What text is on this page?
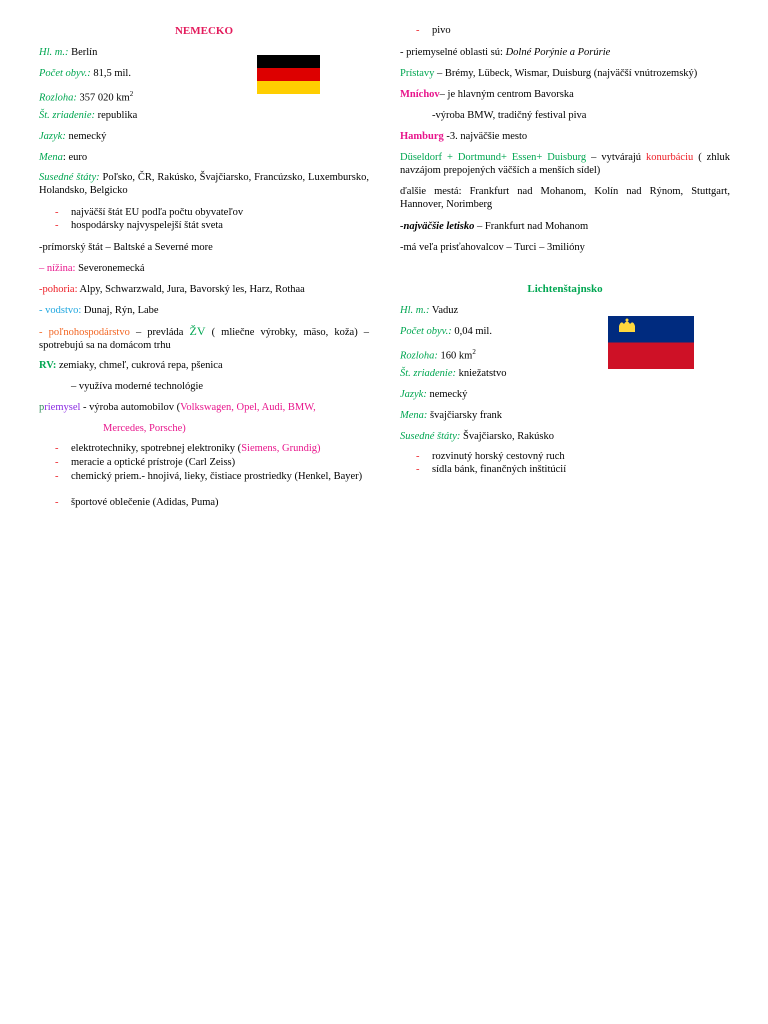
NEMECKO
Hl. m.: Berlín
Počet obyv.: 81,5 mil.
Rozloha: 357 020 $km^2$
Št. zriadenie: republika
Jazyk: nemecký
Mena: euro
Susedné štáty: Poľsko, ČR, Rakúsko, Švajčiarsko, Francúzsko, Luxembursko, Holandsko, Belgicko
- najväčší štát EU podľa počtu obyvateľov
- hospodársky najvyspelejší štát sveta
-prímorský štát – Baltské a Severné more
– nížina: Severonemecká
-pohoria: Alpy, Schwarzwald, Jura, Bavorský les, Harz, Rothaa
- vodstvo: Dunaj, Rýn, Labe
- poľnohospodárstvo – prevláda ŽV ( mliečne výrobky, mäso, koža) – spotrebujú sa na domácom trhu
RV: zemiaky, chmeľ, cukrová repa, pšenica
– využíva moderné technológie
priemysel - výroba automobilov (Volkswagen, Opel, Audi, BMW,
Mercedes, Porsche)
- elektrotechniky, spotrebnej elektroniky (Siemens, Grundig)
- meracie a optické prístroje (Carl Zeiss)
- chemický priem.- hnojivá, lieky, čistiace prostriedky (Henkel, Bayer)
- športové oblečenie (Adidas, Puma)
- pivo
- priemyselné oblasti sú: Dolné Porýnie a Porúrie
Prístavy – Brémy, Lübeck, Wismar, Duisburg (najväčší vnútrozemský)
Mníchov– je hlavným centrom Bavorska
-výroba BMW, tradičný festival piva
Hamburg -3. najväčšie mesto
Düseldorf + Dortmund+ Essen+ Duisburg – vytvárajú konurbáciu ( zhluk navzájom prepojených väčších a menších sídel)
ďalšie mestá: Frankfurt nad Mohanom, Kolín nad Rýnom, Stuttgart, Hannover, Norimberg
-najväčšie letisko – Frankfurt nad Mohanom
-má veľa prisťahovalcov – Turci – 3milióny
Lichtenštajnsko
Hl. m.: Vaduz
Počet obyv.: 0,04 mil.
Rozloha: 160 $km^2$
Št. zriadenie: kniežatstvo
Jazyk: nemecký
Mena: švajčiarsky frank
Susedné štáty: Švajčiarsko, Rakúsko
- rozvinutý horský cestovný ruch
- sídla bánk, finančných inštitúcií
